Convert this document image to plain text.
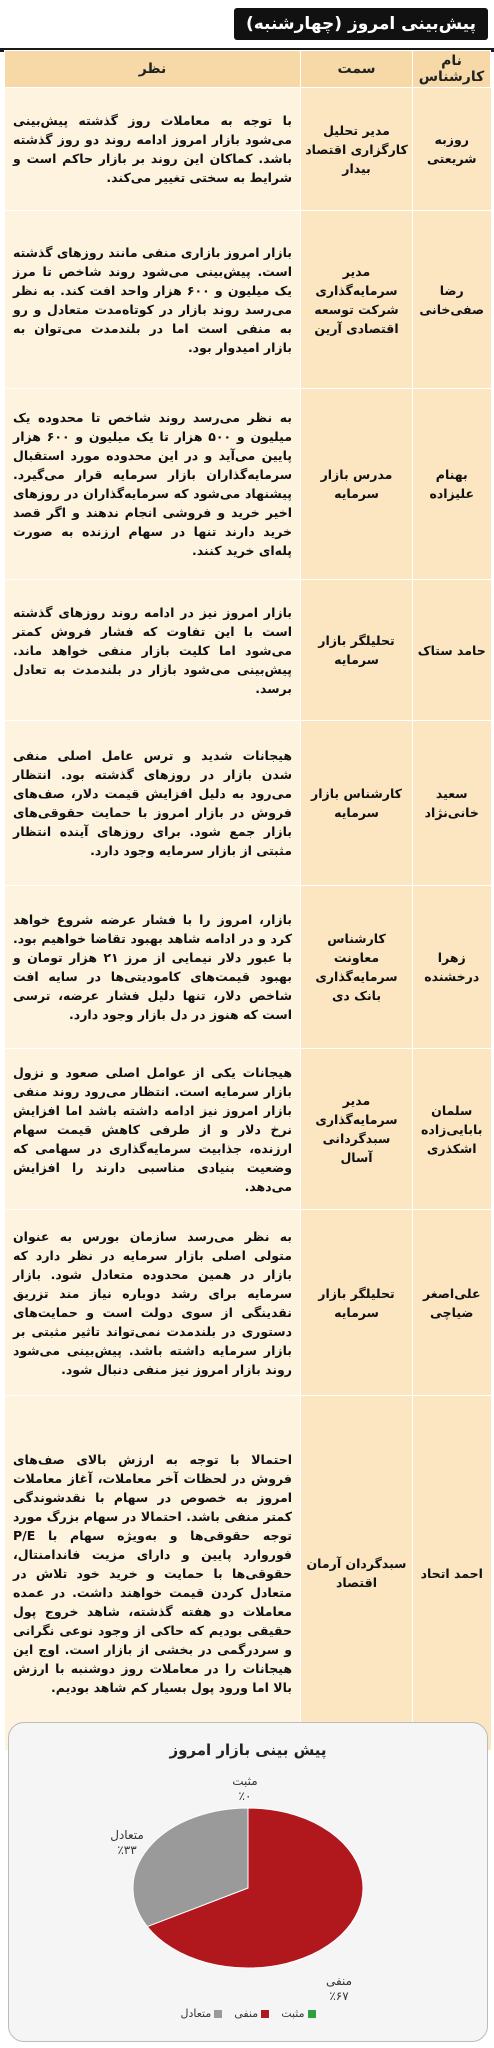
پیش‌بینی امروز (چهارشنبه)
نام کارشناس	سمت	نظر
روزبه شریعتی	مدیر تحلیل کارگزاری اقتصاد بیدار	با توجه به معاملات روز گذشته پیش‌بینی می‌شود بازار امروز ادامه روند دو روز گذشته باشد. کماکان این روند بر بازار حاکم است و شرایط به سختی تغییر می‌کند.
رضا صفی‌خانی	مدیر سرمایه‌گذاری شرکت توسعه اقتصادی آرین	بازار امروز بازاری منفی مانند روزهای گذشته است. پیش‌بینی می‌شود روند شاخص تا مرز یک میلیون و ۶۰۰ هزار واحد افت کند. به نظر می‌رسد روند بازار در کوتاه‌مدت متعادل و رو به منفی است اما در بلندمدت می‌توان به بازار امیدوار بود.
بهنام علیزاده	مدرس بازار سرمایه	به نظر می‌رسد روند شاخص تا محدوده یک میلیون و ۵۰۰ هزار تا یک میلیون و ۶۰۰ هزار پایین می‌آید و در این محدوده مورد استقبال سرمایه‌گذاران بازار سرمایه قرار می‌گیرد. پیشنهاد می‌شود که سرمایه‌گذاران در روزهای اخیر خرید و فروشی انجام ندهند و اگر قصد خرید دارند تنها در سهام ارزنده به صورت پله‌ای خرید کنند.
حامد ستاک	تحلیلگر بازار سرمایه	بازار امروز نیز در ادامه روند روزهای گذشته است با این تفاوت که فشار فروش کمتر می‌شود اما کلیت بازار منفی خواهد ماند. پیش‌بینی می‌شود بازار در بلندمدت به تعادل برسد.
سعید خانی‌نژاد	کارشناس بازار سرمایه	هیجانات شدید و ترس عامل اصلی منفی شدن بازار در روزهای گذشته بود. انتظار می‌رود به دلیل افزایش قیمت دلار، صف‌های فروش در بازار امروز با حمایت حقوقی‌های بازار جمع شود. برای روزهای آینده انتظار مثبتی از بازار سرمایه وجود دارد.
زهرا درخشنده	کارشناس معاونت سرمایه‌گذاری بانک دی	بازار، امروز را با فشار عرضه شروع خواهد کرد و در ادامه شاهد بهبود تقاضا خواهیم بود. با عبور دلار نیمایی از مرز ۲۱ هزار تومان و بهبود قیمت‌های کامودیتی‌ها در سایه افت شاخص دلار، تنها دلیل فشار عرضه، ترسی است که هنوز در دل بازار وجود دارد.
سلمان بابایی‌زاده اشکذری	مدیر سرمایه‌گذاری سبدگردانی آسال	هیجانات یکی از عوامل اصلی صعود و نزول بازار سرمایه است. انتظار می‌رود روند منفی بازار امروز نیز ادامه داشته باشد اما افزایش نرخ دلار و از طرفی کاهش قیمت سهام ارزنده، جذابیت سرمایه‌گذاری در سهامی که وضعیت بنیادی مناسبی دارند را افزایش می‌دهد.
علی‌اصغر ضیاچی	تحلیلگر بازار سرمایه	به نظر می‌رسد سازمان بورس به عنوان متولی اصلی بازار سرمایه در نظر دارد که بازار در همین محدوده متعادل شود. بازار سرمایه برای رشد دوباره نیاز مند تزریق نقدینگی از سوی دولت است و حمایت‌های دستوری در بلندمدت نمی‌تواند تاثیر مثبتی بر بازار سرمایه داشته باشد. پیش‌بینی می‌شود روند بازار امروز نیز منفی دنبال شود.
احمد اتحاد	سبدگردان آرمان اقتصاد	احتمالا با توجه به ارزش بالای صف‌های فروش در لحظات آخر معاملات، آغاز معاملات امروز به خصوص در سهام با نقدشوندگی کمتر منفی باشد. احتمالا در سهام بزرگ مورد توجه حقوقی‌ها و به‌ویژه سهام با P/E فوروارد پایین و دارای مزیت فاندامنتال، حقوقی‌ها با حمایت و خرید خود تلاش در متعادل کردن قیمت خواهند داشت. در عمده معاملات دو هفته گذشته، شاهد خروج پول حقیقی بودیم که حاکی از وجود نوعی نگرانی و سردرگمی در بخشی از بازار است. اوج این هیجانات را در معاملات روز دوشنبه با ارزش بالا اما ورود پول بسیار کم شاهد بودیم.
پیش بینی بازار امروز
مثبت
٪۰
منفی
٪۶۷
متعادل
٪۳۳
مثبتمنفیمتعادل
